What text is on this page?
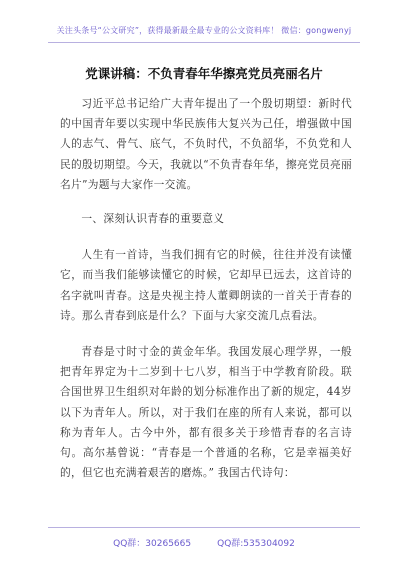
关注头条号“公文研究”，获得最新最全最专业的公文资料库！ 微信：gongwenyj
党课讲稿：不负青春年华擦亮党员亮丽名片

习近平总书记给广大青年提出了一个殷切期望：新时代的中国青年要以实现中华民族伟大复兴为己任，增强做中国人的志气、骨气、底气，不负时代，不负韶华，不负党和人民的殷切期望。今天，我就以“不负青春年华，擦亮党员亮丽名片”为题与大家作一交流。

一、深刻认识青春的重要意义

人生有一首诗，当我们拥有它的时候，往往并没有读懂它，而当我们能够读懂它的时候，它却早已远去，这首诗的名字就叫青春。这是央视主持人董卿朗读的一首关于青春的诗。那么青春到底是什么？下面与大家交流几点看法。

青春是寸时寸金的黄金年华。我国发展心理学界，一般把青年界定为十二岁到十七八岁，相当于中学教育阶段。联合国世界卫生组织对年龄的划分标准作出了新的规定，44岁以下为青年人。所以，对于我们在座的所有人来说，都可以称为青年人。古今中外，都有很多关于珍惜青春的名言诗句。高尔基曾说：“青春是一个普通的名称，它是幸福美好的，但它也充满着艰苦的磨炼。” 我国古代诗句：

QQ群：30265665	QQ群:535304092
